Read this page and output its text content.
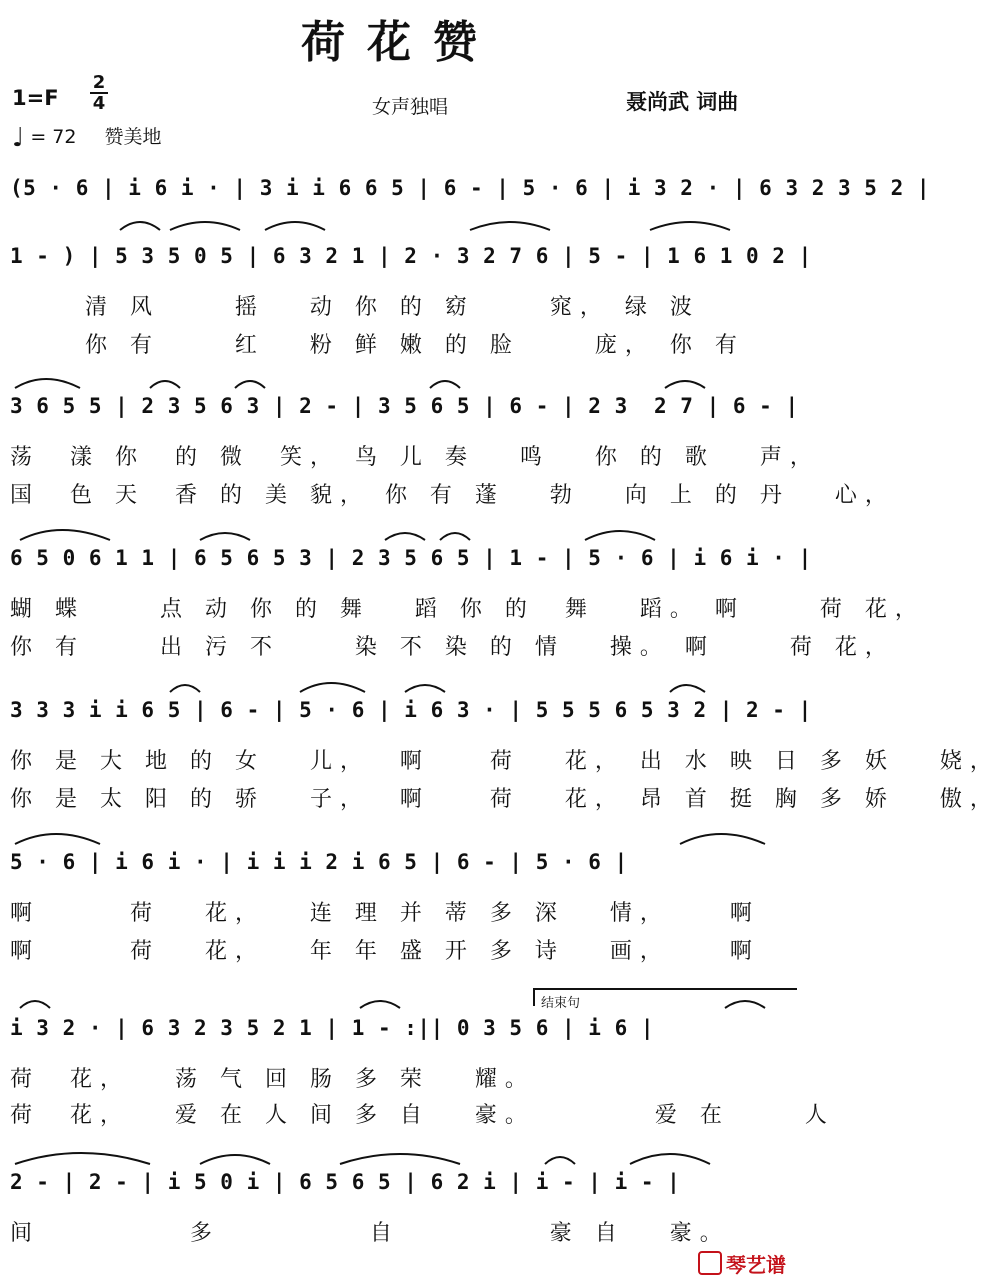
荷花赞
1=F
2
4	女声独唱	聂尚武 词曲
♩ = 72 赞美地
(5 · 6 | i 6 i · | 3 i i 6 6 5 | 6 - | 5 · 6 | i 3 2 · | 6 3 2 3 5 2 |
1 - ) | 5 3 5 0 5 | 6 3 2 1 | 2 · 3 2 7 6 | 5 - | 1 6 1 0 2 |
清 风     摇   动 你 的 窈     窕， 绿 波
你 有     红   粉 鲜 嫩 的 脸     庞， 你 有
3 6 5 5 | 2 3 5 6 3 | 2 - | 3 5 6 5 | 6 - | 2 3  2 7 | 6 - |
荡  漾 你  的 微  笑， 鸟 儿 奏   鸣   你 的 歌   声，
国  色 天  香 的 美 貌， 你 有 蓬   勃   向 上 的 丹   心，
6 5 0 6 1 1 | 6 5 6 5 3 | 2 3 5 6 5 | 1 - | 5 · 6 | i 6 i · |
蝴 蝶     点 动 你 的 舞   蹈 你 的  舞   蹈。 啊     荷 花，
你 有     出 污 不     染 不 染 的 情   操。 啊     荷 花，
3 3 3 i i 6 5 | 6 - | 5 · 6 | i 6 3 · | 5 5 5 6 5 3 2 | 2 - |
你 是 大 地 的 女   儿，  啊    荷   花， 出 水 映 日 多 妖   娆，
你 是 太 阳 的 骄   子，  啊    荷   花， 昂 首 挺 胸 多 娇   傲，
5 · 6 | i 6 i · | i i i 2 i 6 5 | 6 - | 5 · 6 |
啊      荷   花，   连 理 并 蒂 多 深   情，    啊
啊      荷   花，   年 年 盛 开 多 诗   画，    啊
结束句
i 3 2 · | 6 3 2 3 5 2 1 | 1 - :|| 0 3 5 6 | i 6 |
荷  花，   荡 气 回 肠 多 荣   耀。
荷  花，   爱 在 人 间 多 自   豪。        爱 在     人
2 - | 2 - | i 5 0 i | 6 5 6 5 | 6 2 i | i - | i - |
间          多          自          豪 自   豪。
琴艺谱
